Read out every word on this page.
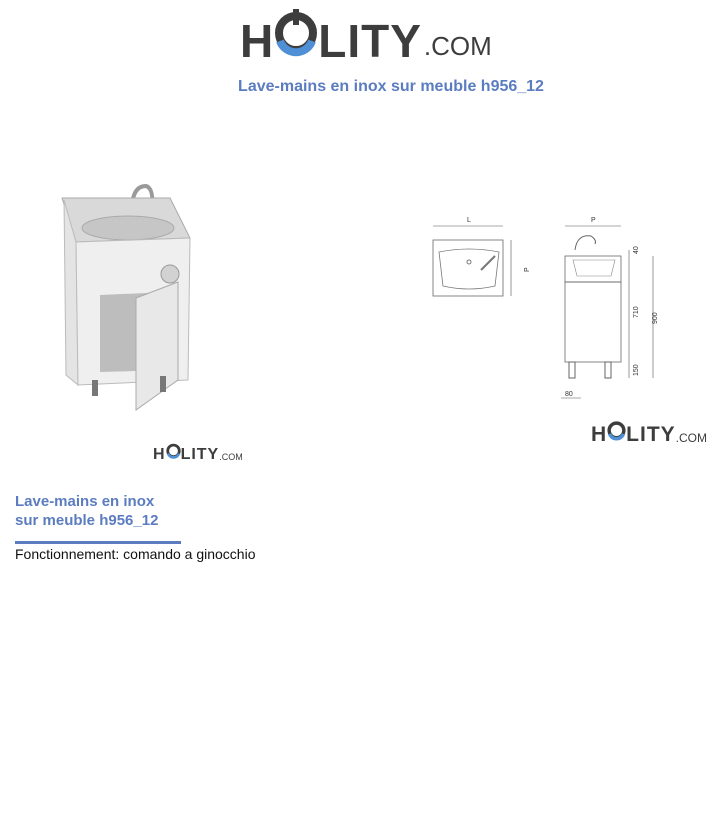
H LITY .COM
Lave-mains en inox sur meuble h956_12
H LITY .COM
L
P
P
40
710
900
150
80
H LITY .COM
Lave-mains en inox
sur meuble h956_12
Fonctionnement: comando a ginocchio
